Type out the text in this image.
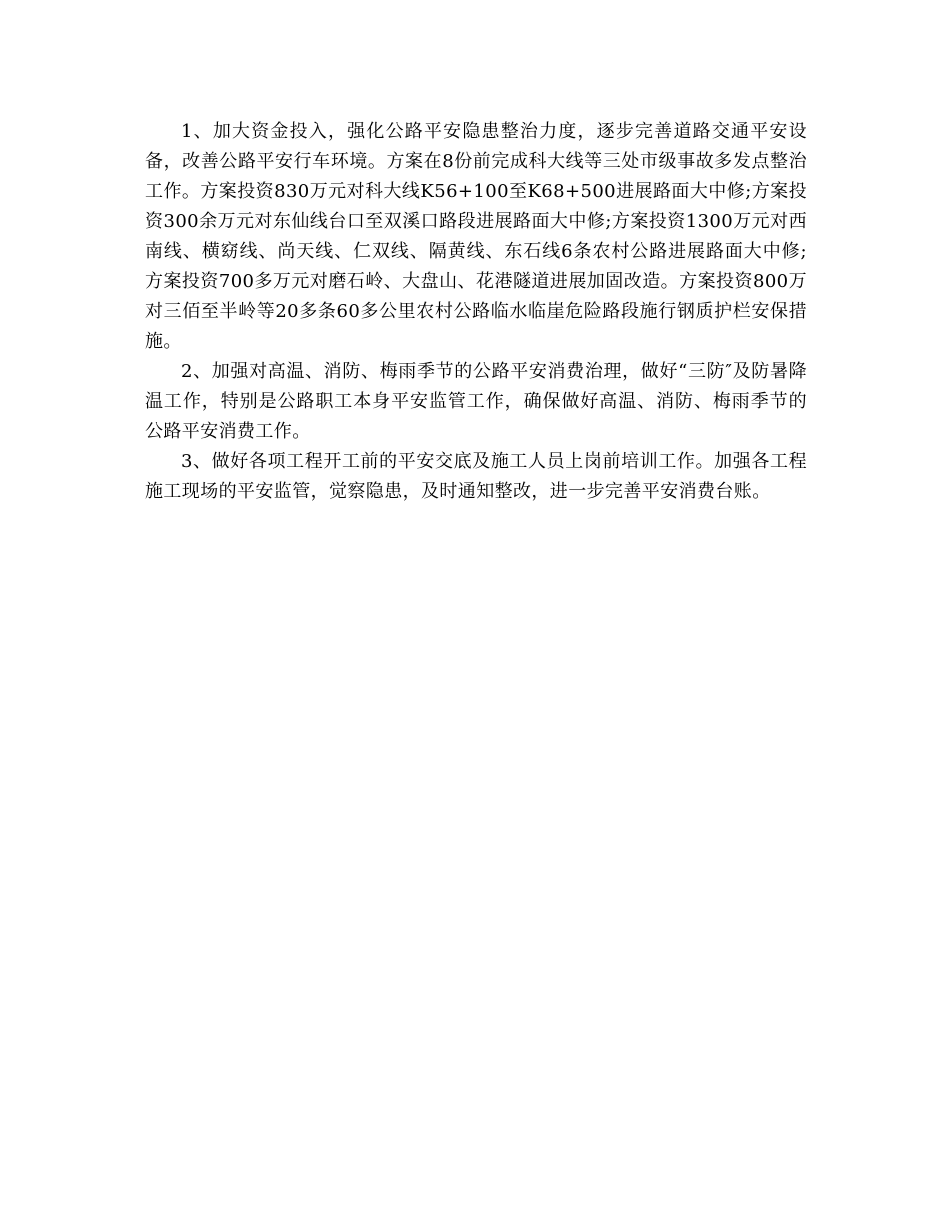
1、加大资金投入，强化公路平安隐患整治力度，逐步完善道路交通平安设备，改善公路平安行车环境。方案在8份前完成科大线等三处市级事故多发点整治工作。方案投资830万元对科大线K56+100至K68+500进展路面大中修;方案投资300余万元对东仙线台口至双溪口路段进展路面大中修;方案投资1300万元对西南线、横窈线、尚天线、仁双线、隔黄线、东石线6条农村公路进展路面大中修;方案投资700多万元对磨石岭、大盘山、花港隧道进展加固改造。方案投资800万对三佰至半岭等20多条60多公里农村公路临水临崖危险路段施行钢质护栏安保措施。

2、加强对高温、消防、梅雨季节的公路平安消费治理，做好“三防″及防暑降温工作，特别是公路职工本身平安监管工作，确保做好高温、消防、梅雨季节的公路平安消费工作。

3、做好各项工程开工前的平安交底及施工人员上岗前培训工作。加强各工程施工现场的平安监管，觉察隐患，及时通知整改，进一步完善平安消费台账。
